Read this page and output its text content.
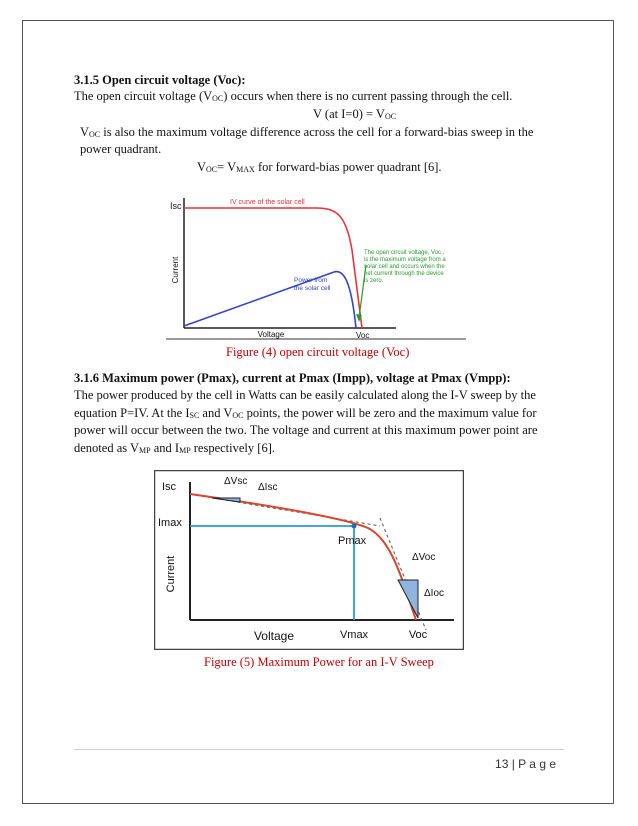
3.1.5 Open circuit voltage (Voc):
The open circuit voltage $(V_{OC})$ occurs when there is no current passing through the cell.
V (at $I=0) = V_{OC}$
$V_{OC}$ is also the maximum voltage difference across the cell for a forward-bias sweep in the
power quadrant.
$V_{OC}= V_{MAX}$ for forward-bias power quadrant [6].
Isc
Current
Voltage	Voc
IV curve of the solar cell
Power from
the solar cell
The open circuit voltage, Voc ,
is the maximum voltage from a
solar cell and occurs when the
net current through the device
is zero.
Figure (4) open circuit voltage (Voc)
3.1.6 Maximum power (Pmax), current at Pmax (Impp), voltage at Pmax (Vmpp):
The power produced by the cell in Watts can be easily calculated along the I-V sweep by the
equation P=IV. At the $I_{SC}$ and $V_{OC}$ points, the power will be zero and the maximum value for
power will occur between the two. The voltage and current at this maximum power point are
denoted as $V_{MP}$ and $I_{MP}$ respectively [6].
Isc
Imax
Current
Voltage	Vmax	Voc
Pmax
ΔVsc
ΔIsc
ΔVoc
ΔIoc
Figure (5) Maximum Power for an I-V Sweep
13 | P a g e
